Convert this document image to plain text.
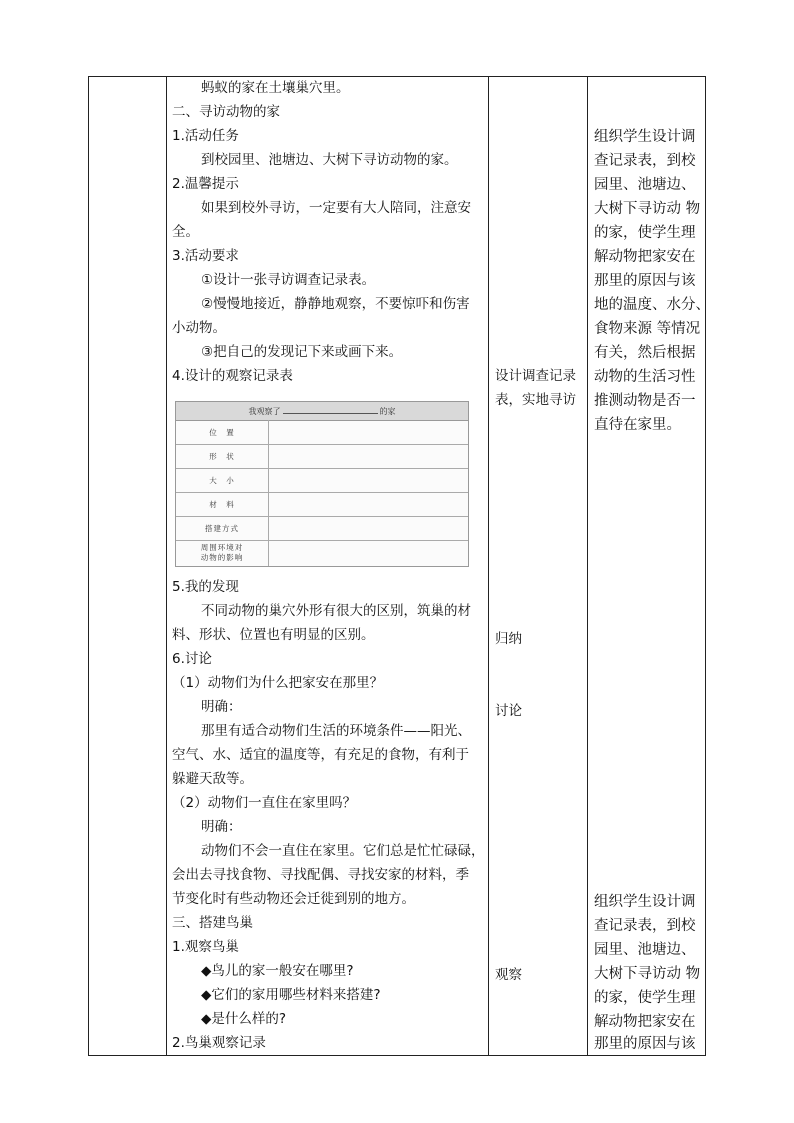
蚂蚁的家在土壤巢穴里。
二、寻访动物的家
1.活动任务
到校园里、池塘边、大树下寻访动物的家。
2.温馨提示
如果到校外寻访，一定要有大人陪同，注意安
全。
3.活动要求
①设计一张寻访调查记录表。
②慢慢地接近，静静地观察，不要惊吓和伤害
小动物。
③把自己的发现记下来或画下来。
4.设计的观察记录表
我观察了	的家
位　置
形　状
大　小
材　料
搭建方式
周围环境对
动物的影响
5.我的发现
不同动物的巢穴外形有很大的区别，筑巢的材
料、形状、位置也有明显的区别。
6.讨论
（1）动物们为什么把家安在那里？
明确：
那里有适合动物们生活的环境条件——阳光、
空气、水、适宜的温度等，有充足的食物，有利于
躲避天敌等。
（2）动物们一直住在家里吗？
明确：
动物们不会一直住在家里。它们总是忙忙碌碌，
会出去寻找食物、寻找配偶、寻找安家的材料，季
节变化时有些动物还会迁徙到别的地方。
三、搭建鸟巢
1.观察鸟巢
◆鸟儿的家一般安在哪里?
◆它们的家用哪些材料来搭建?
◆是什么样的?
2.鸟巢观察记录
设计调查记录
表，实地寻访
归纳
讨论
观察
组织学生设计调
查记录表，到校
园里、池塘边、
大树下寻访动 物
的家，使学生理
解动物把家安在
那里的原因与该
地的温度、水分、
食物来源 等情况
有关，然后根据
动物的生活习性
推测动物是否一
直待在家里。
组织学生设计调
查记录表，到校
园里、池塘边、
大树下寻访动 物
的家，使学生理
解动物把家安在
那里的原因与该
